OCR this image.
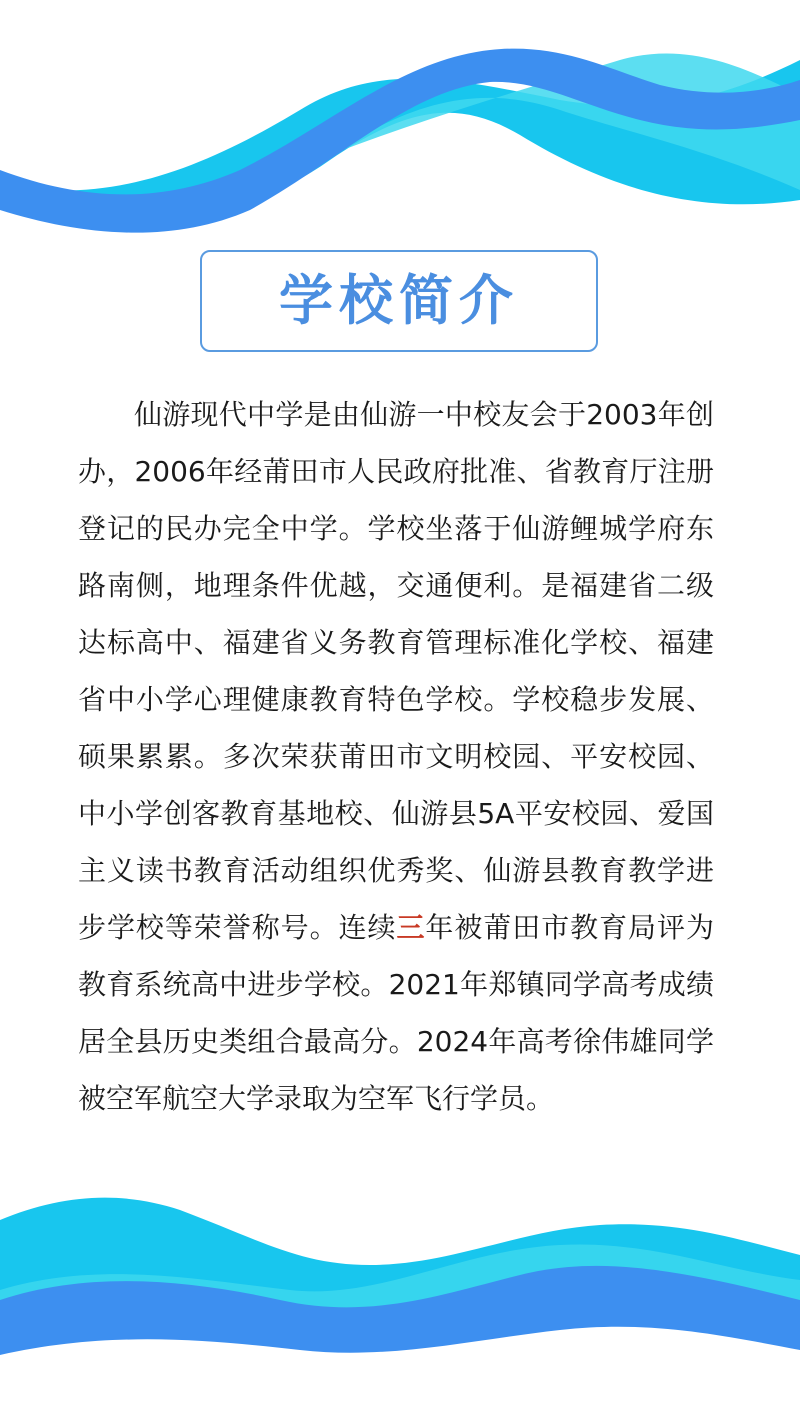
学校简介

仙游现代中学是由仙游一中校友会于2003年创办，2006年经莆田市人民政府批准、省教育厅注册登记的民办完全中学。学校坐落于仙游鲤城学府东路南侧，地理条件优越，交通便利。是福建省二级达标高中、福建省义务教育管理标准化学校、福建省中小学心理健康教育特色学校。学校稳步发展、硕果累累。多次荣获莆田市文明校园、平安校园、中小学创客教育基地校、仙游县5A平安校园、爱国主义读书教育活动组织优秀奖、仙游县教育教学进步学校等荣誉称号。连续三年被莆田市教育局评为教育系统高中进步学校。2021年郑镇同学高考成绩居全县历史类组合最高分。2024年高考徐伟雄同学被空军航空大学录取为空军飞行学员。
